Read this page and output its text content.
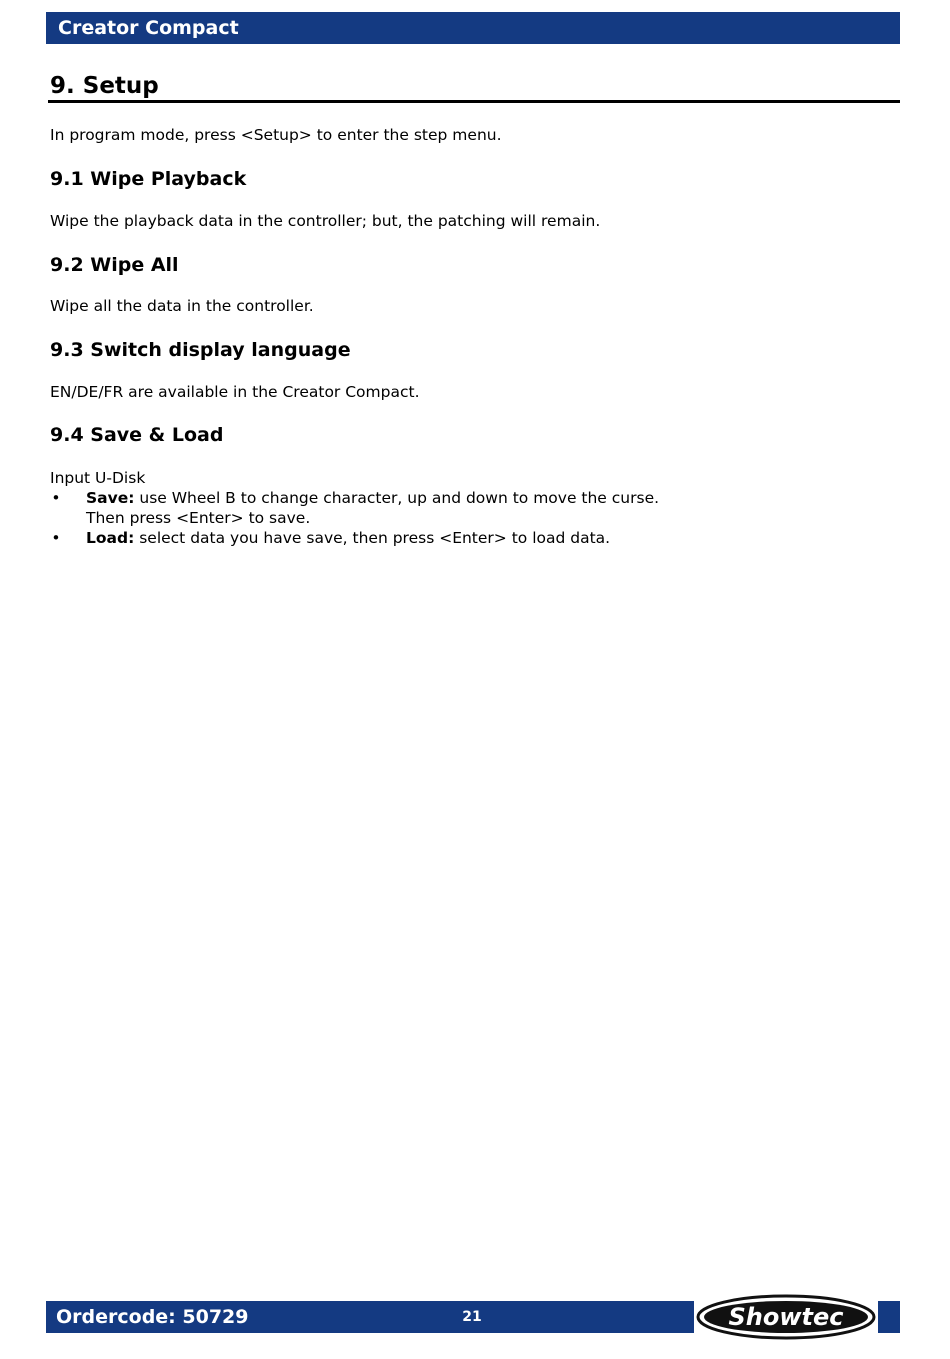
Creator Compact
9. Setup

In program mode, press <Setup> to enter the step menu.

9.1 Wipe Playback

Wipe the playback data in the controller; but, the patching will remain.

9.2 Wipe All

Wipe all the data in the controller.

9.3 Switch display language

EN/DE/FR are available in the Creator Compact.

9.4 Save & Load

Input U-Disk

• Save: use Wheel B to change character, up and down to move the curse.
Then press <Enter> to save.
• Load: select data you have save, then press <Enter> to load data.
Ordercode: 50729	21	Showtec
